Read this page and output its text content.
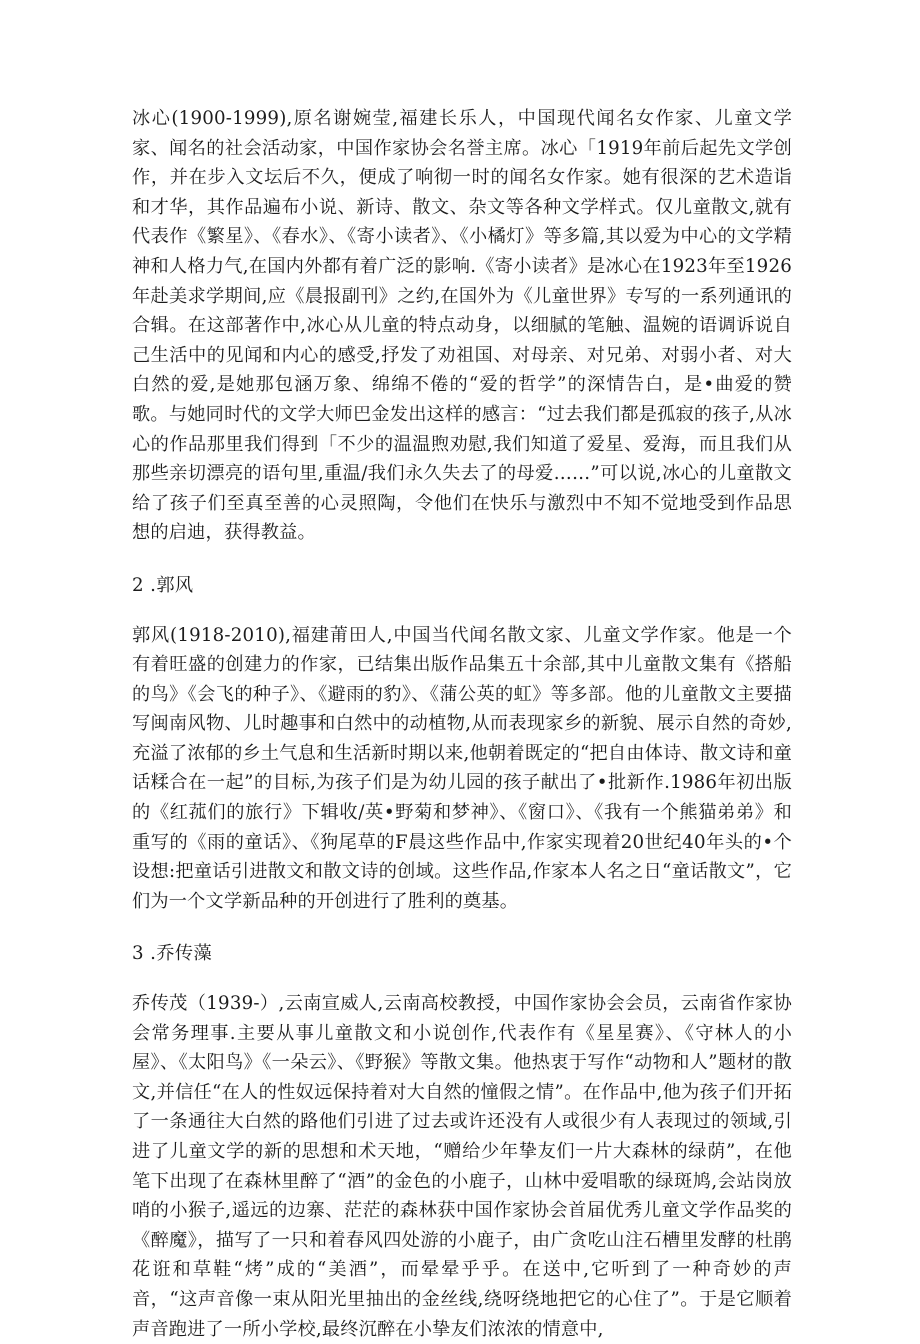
冰心(1900-1999),原名谢婉莹,福建长乐人，中国现代闻名女作家、儿童文学家、闻名的社会活动家，中国作家协会名誉主席。冰心「1919年前后起先文学创作，并在步入文坛后不久，便成了响彻一时的闻名女作家。她有很深的艺术造诣和才华，其作品遍布小说、新诗、散文、杂文等各种文学样式。仅儿童散文,就有代表作《繁星》、《春水》、《寄小读者》、《小橘灯》等多篇,其以爱为中心的文学精神和人格力气,在国内外都有着广泛的影响.《寄小读者》是冰心在1923年至1926年赴美求学期间,应《晨报副刊》之约,在国外为《儿童世界》专写的一系列通讯的合辑。在这部著作中,冰心从儿童的特点动身，以细腻的笔触、温婉的语调诉说自己生活中的见闻和内心的感受,抒发了劝祖国、对母亲、对兄弟、对弱小者、对大白然的爱,是她那包涵万象、绵绵不倦的“爱的哲学”的深情告白，是•曲爱的赞歌。与她同时代的文学大师巴金发出这样的感言：“过去我们都是孤寂的孩子,从冰心的作品那里我们得到「不少的温温煦劝慰,我们知道了爱星、爱海，而且我们从那些亲切漂亮的语句里,重温/我们永久失去了的母爱……”可以说,冰心的儿童散文给了孩子们至真至善的心灵照陶，令他们在快乐与激烈中不知不觉地受到作品思想的启迪，获得教益。

2 .郭风

郭风(1918-2010),福建莆田人,中国当代闻名散文家、儿童文学作家。他是一个有着旺盛的创建力的作家，已结集出版作品集五十余部,其中儿童散文集有《搭船的鸟》《会飞的种子》、《避雨的豹》、《蒲公英的虹》等多部。他的儿童散文主要描写闽南风物、儿时趣事和白然中的动植物,从而表现家乡的新貌、展示自然的奇妙,充溢了浓郁的乡土气息和生活新时期以来,他朝着既定的“把自由体诗、散文诗和童话糅合在一起”的目标,为孩子们是为幼儿园的孩子献出了•批新作.1986年初出版的《红菰们的旅行》下辑收/英•野菊和梦神》、《窗口》、《我有一个熊猫弟弟》和重写的《雨的童话》、《狗尾草的F晨这些作品中,作家实现着20世纪40年头的•个设想:把童话引进散文和散文诗的创域。这些作品,作家本人名之日“童话散文”，它们为一个文学新品种的开创进行了胜利的奠基。

3 .乔传藻

乔传茂（1939-）,云南宣威人,云南高校教授，中国作家协会会员，云南省作家协会常务理事.主要从事儿童散文和小说创作,代表作有《星星赛》、《守林人的小屋》、《太阳鸟》《一朵云》、《野猴》等散文集。他热衷于写作“动物和人”题材的散文,并信任“在人的性奴远保持着对大自然的憧假之情”。在作品中,他为孩子们开拓了一条通往大白然的路他们引进了过去或许还没有人或很少有人表现过的领域,引进了儿童文学的新的思想和术天地，“赠给少年挚友们一片大森林的绿荫”，在他笔下出现了在森林里醉了“酒”的金色的小鹿子，山林中爱唱歌的绿斑鸠,会站岗放哨的小猴子,遥远的边寨、茫茫的森林获中国作家协会首届优秀儿童文学作品奖的《醉魔》，描写了一只和着春风四处游的小鹿子，由广贪吃山注石槽里发酵的杜鹃花诳和草鞋“烤”成的“美酒”，而晕晕乎乎。在送中,它听到了一种奇妙的声音，“这声音像一束从阳光里抽出的金丝线,绕呀绕地把它的心住了”。于是它顺着声音跑进了一所小学校,最终沉醉在小挚友们浓浓的情意中,
